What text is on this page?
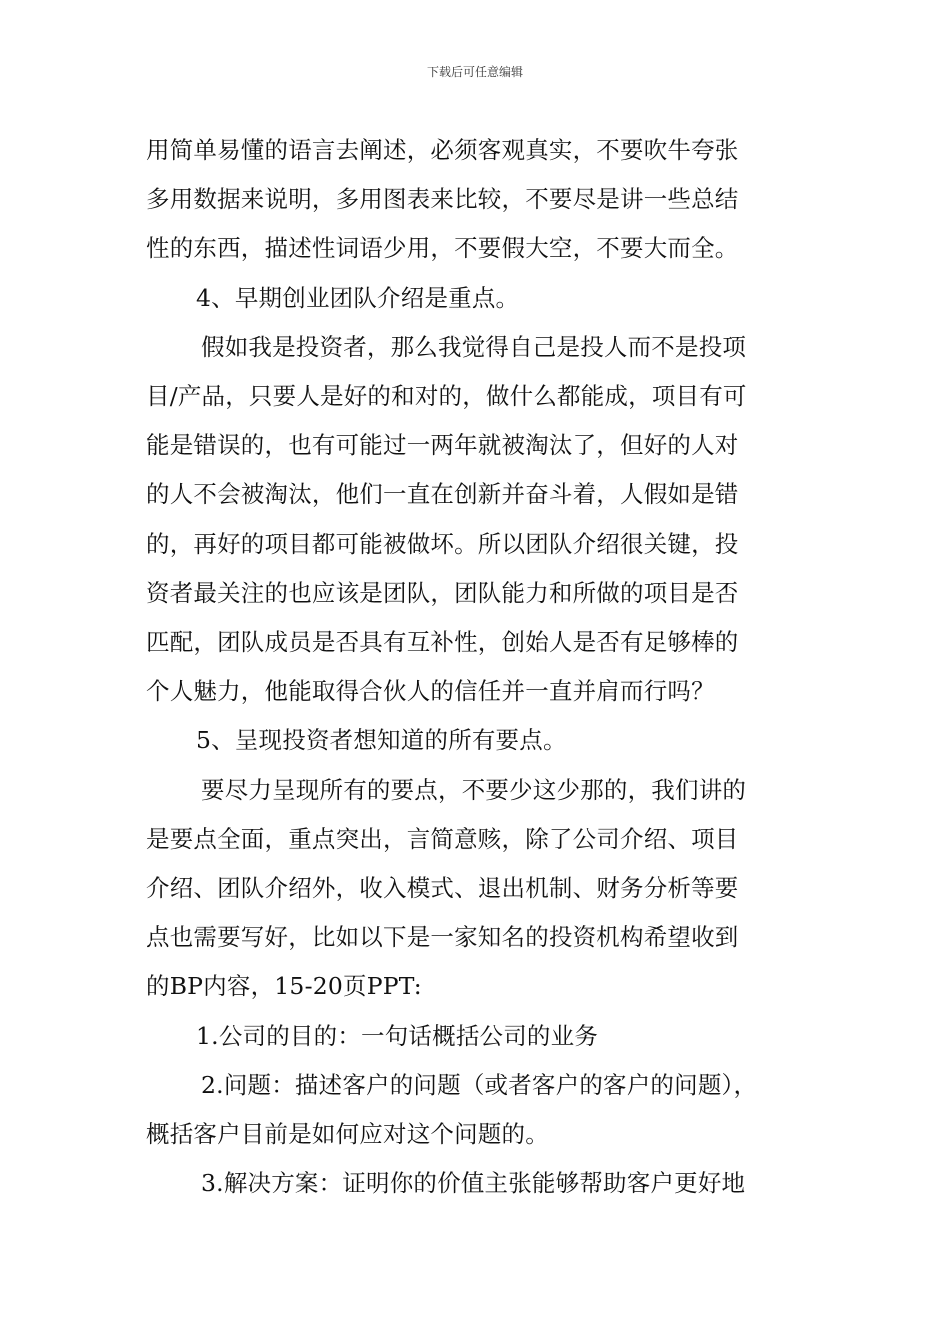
下载后可任意编辑
用简单易懂的语言去阐述，必须客观真实，不要吹牛夸张
多用数据来说明，多用图表来比较，不要尽是讲一些总结
性的东西，描述性词语少用，不要假大空，不要大而全。
4、早期创业团队介绍是重点。
假如我是投资者，那么我觉得自己是投人而不是投项
目/产品，只要人是好的和对的，做什么都能成，项目有可
能是错误的，也有可能过一两年就被淘汰了，但好的人对
的人不会被淘汰，他们一直在创新并奋斗着，人假如是错
的，再好的项目都可能被做坏。所以团队介绍很关键，投
资者最关注的也应该是团队，团队能力和所做的项目是否
匹配，团队成员是否具有互补性，创始人是否有足够棒的
个人魅力，他能取得合伙人的信任并一直并肩而行吗？
5、呈现投资者想知道的所有要点。
要尽力呈现所有的要点，不要少这少那的，我们讲的
是要点全面，重点突出，言简意赅，除了公司介绍、项目
介绍、团队介绍外，收入模式、退出机制、财务分析等要
点也需要写好，比如以下是一家知名的投资机构希望收到
的BP内容，15-20页PPT:
1.公司的目的：一句话概括公司的业务
2.问题：描述客户的问题（或者客户的客户的问题），
概括客户目前是如何应对这个问题的。
3.解决方案：证明你的价值主张能够帮助客户更好地
